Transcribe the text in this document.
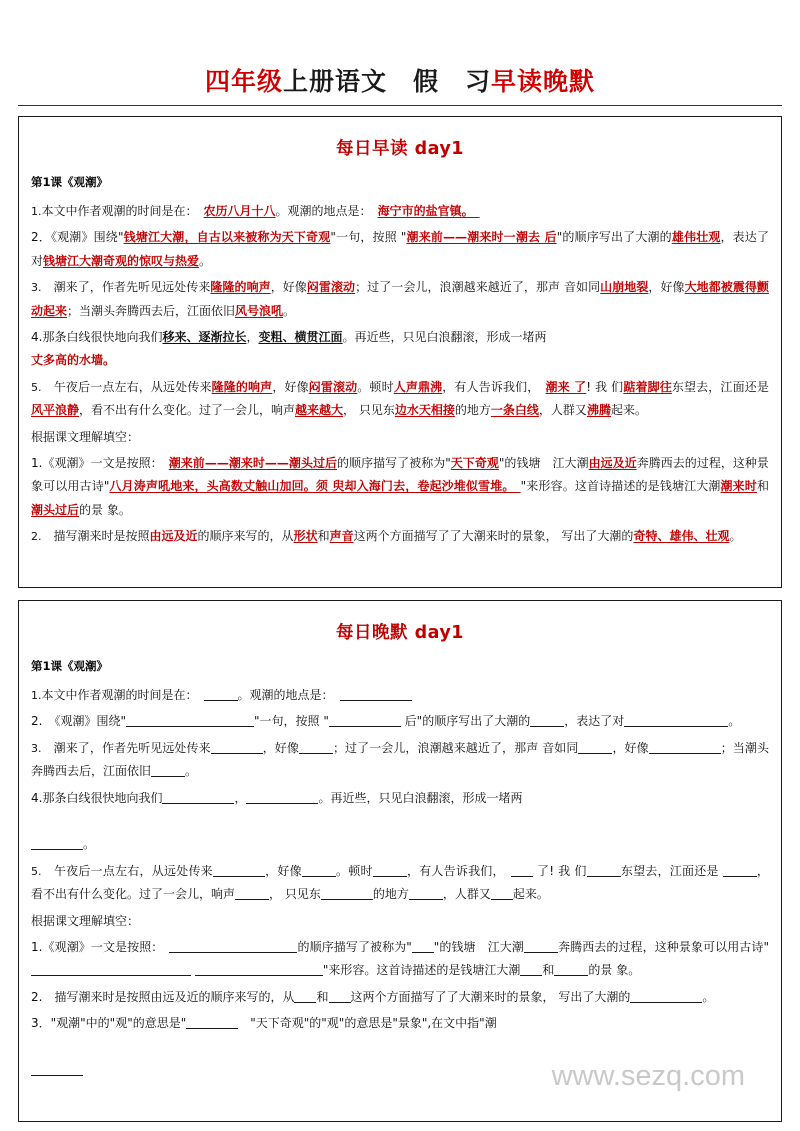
四年级上册语文　假　习早读晚默
每日早读 day1
第1课《观潮》

1.本文中作者观潮的时间是在：　 农历八月十八。观潮的地点是：　 海宁市的盐官镇。　

2．《观潮》围绕"钱塘江大潮，自古以来被称为天下奇观"一句，按照 "潮来前——潮来时一潮去 后"的顺序写出了大潮的雄伟壮观，表达了对钱塘江大潮奇观的惊叹与热爱。

3.　 潮来了，作者先听见远处传来隆隆的响声，好像闷雷滚动；过了一会儿，浪潮越来越近了，那声 音如同山崩地裂，好像大地都被震得颤动起来；当潮头奔腾西去后，江面依旧风号浪吼。

4.那条白线很快地向我们移来、逐渐拉长，变粗、横贯江面。再近些，只见白浪翻滚，形成一堵两
丈多高的水墙。

5.　 午夜后一点左右，从远处传来隆隆的响声，好像闷雷滚动。顿时人声鼎沸，有人告诉我们，　 潮来 了! 我 们踮着脚往东望去，江面还是风平浪静，看不出有什么变化。过了一会儿，响声越来越大， 只见东边水天相接的地方一条白线，人群又沸腾起来。

根据课文理解填空：

1.《观潮》一文是按照：　 潮来前——潮来时——潮头过后的顺序描写了被称为"天下奇观"的钱塘　江大潮由远及近奔腾西去的过程，这种景象可以用古诗"八月涛声吼地来，头高数丈触山加回。须 臾却入海门去，卷起沙堆似雪堆。　 "来形容。这首诗描述的是钱塘江大潮潮来时和潮头过后的景 象。

2.　 描写潮来时是按照由远及近的顺序来写的，从形状和声音这两个方面描写了了大潮来时的景象， 写出了大潮的奇特、雄伟、壮观。

每日晚默 day1
第1课《观潮》

1.本文中作者观潮的时间是在：　	。观潮的地点是：　

2.　 《观潮》围绕"	"一句，按照 "	后"的顺序写出了大潮的	，表达了对	。

3.　 潮来了，作者先听见远处传来	，好像	；过了一会儿，浪潮越来越近了，那声 音如同	，好像	；当潮头奔腾西去后，江面依旧	。

4.那条白线很快地向我们	，	。再近些，只见白浪翻滚，形成一堵两

。

5.　 午夜后一点左右，从远处传来	，好像	。顿时	，有人告诉我们，　	了! 我 们	东望去，江面还是	，看不出有什么变化。过了一会儿，响声	， 只见东	的地方	，人群又 起来。

根据课文理解填空：

1.《观潮》一文是按照：　	的顺序描写了被称为" "的钱塘　江大潮	奔腾西去的过程，这种景象可以用古诗" "来形容。这首诗描述的是钱塘江大潮 和	的景 象。

2.　 描写潮来时是按照由远及近的顺序来写的，从 和 这两个方面描写了了大潮来时的景象， 写出了大潮的	。

3．"观潮"中的"观"的意思是"	　"天下奇观"的"观"的意思是"景象",在文中指"潮

www.sezq.com
